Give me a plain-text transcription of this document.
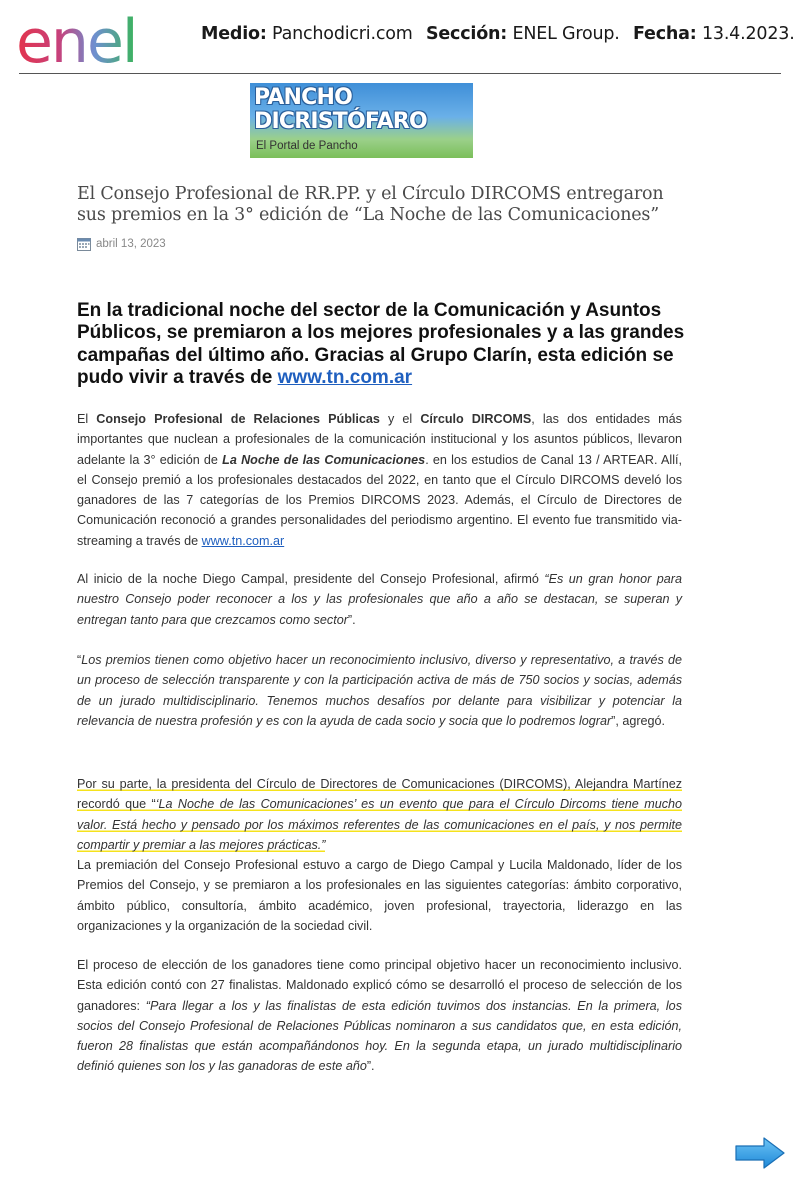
enel	Medio: Panchodicri.com Sección: ENEL Group. Fecha: 13.4.2023.
PANCHO
DICRISTÓFARO
El Portal de Pancho
El Consejo Profesional de RR.PP. y el Círculo DIRCOMS entregaron sus premios en la 3° edición de “La Noche de las Comunicaciones”
abril 13, 2023
En la tradicional noche del sector de la Comunicación y Asuntos Públicos, se premiaron a los mejores profesionales y a las grandes campañas del último año. Gracias al Grupo Clarín, esta edición se pudo vivir a través de www.tn.com.ar
El Consejo Profesional de Relaciones Públicas y el Círculo DIRCOMS, las dos entidades más importantes que nuclean a profesionales de la comunicación institucional y los asuntos públicos, llevaron adelante la 3° edición de La Noche de las Comunicaciones. en los estudios de Canal 13 / ARTEAR. Allí, el Consejo premió a los profesionales destacados del 2022, en tanto que el Círculo DIRCOMS develó los ganadores de las 7 categorías de los Premios DIRCOMS 2023. Además, el Círculo de Directores de Comunicación reconoció a grandes personalidades del periodismo argentino. El evento fue transmitido via-streaming a través de www.tn.com.ar
Al inicio de la noche Diego Campal, presidente del Consejo Profesional, afirmó “Es un gran honor para nuestro Consejo poder reconocer a los y las profesionales que año a año se destacan, se superan y entregan tanto para que crezcamos como sector”.
“Los premios tienen como objetivo hacer un reconocimiento inclusivo, diverso y representativo, a través de un proceso de selección transparente y con la participación activa de más de 750 socios y socias, además de un jurado multidisciplinario. Tenemos muchos desafíos por delante para visibilizar y potenciar la relevancia de nuestra profesión y es con la ayuda de cada socio y socia que lo podremos lograr”, agregó.
Por su parte, la presidenta del Círculo de Directores de Comunicaciones (DIRCOMS), Alejandra Martínez recordó que “‘La Noche de las Comunicaciones’ es un evento que para el Círculo Dircoms tiene mucho valor. Está hecho y pensado por los máximos referentes de las comunicaciones en el país, y nos permite compartir y premiar a las mejores prácticas.”
La premiación del Consejo Profesional estuvo a cargo de Diego Campal y Lucila Maldonado, líder de los Premios del Consejo, y se premiaron a los profesionales en las siguientes categorías: ámbito corporativo, ámbito público, consultoría, ámbito académico, joven profesional, trayectoria, liderazgo en las organizaciones y la organización de la sociedad civil.
El proceso de elección de los ganadores tiene como principal objetivo hacer un reconocimiento inclusivo. Esta edición contó con 27 finalistas. Maldonado explicó cómo se desarrolló el proceso de selección de los ganadores: “Para llegar a los y las finalistas de esta edición tuvimos dos instancias. En la primera, los socios del Consejo Profesional de Relaciones Públicas nominaron a sus candidatos que, en esta edición, fueron 28 finalistas que están acompañándonos hoy. En la segunda etapa, un jurado multidisciplinario definió quienes son los y las ganadoras de este año”.
